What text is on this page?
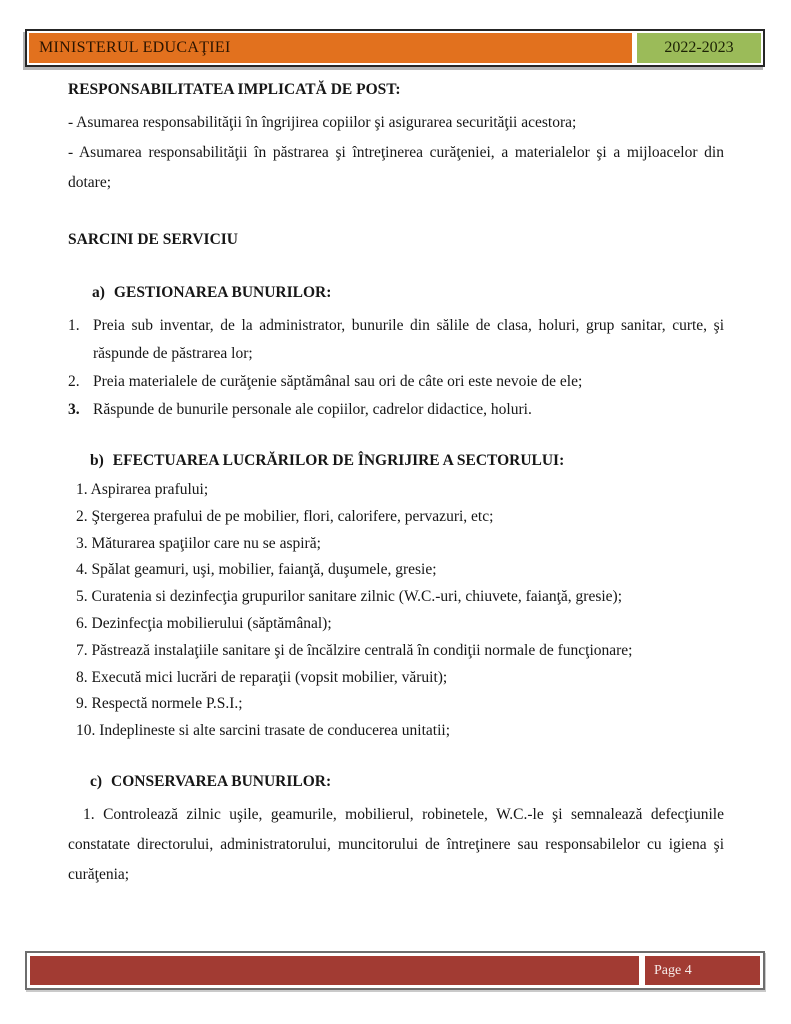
MINISTERUL EDUCAŢIEI	2022-2023
RESPONSABILITATEA IMPLICATĂ DE POST:
- Asumarea responsabilităţii în îngrijirea copiilor şi asigurarea securităţii acestora;
- Asumarea responsabilităţii în păstrarea şi întreţinerea curăţeniei, a materialelor şi a mijloacelor din dotare;
SARCINI DE SERVICIU
a) GESTIONAREA BUNURILOR:
1. Preia sub inventar, de la administrator, bunurile din sălile de clasa, holuri, grup sanitar, curte, şi răspunde de păstrarea lor;
2. Preia materialele de curăţenie săptămânal sau ori de câte ori este nevoie de ele;
3. Răspunde de bunurile personale ale copiilor, cadrelor didactice, holuri.
b) EFECTUAREA LUCRĂRILOR DE ÎNGRIJIRE A SECTORULUI:
1. Aspirarea prafului;
2. Ştergerea prafului de pe mobilier, flori, calorifere, pervazuri, etc;
3. Măturarea spaţiilor care nu se aspiră;
4. Spălat geamuri, uşi, mobilier, faianţă, duşumele, gresie;
5. Curatenia si dezinfecţia grupurilor sanitare zilnic (W.C.-uri, chiuvete, faianţă, gresie);
6. Dezinfecţia mobilierului (săptămânal);
7. Păstrează instalaţiile sanitare şi de încălzire centrală în condiţii normale de funcţionare;
8. Execută mici lucrări de reparaţii (vopsit mobilier, văruit);
9. Respectă normele P.S.I.;
10. Indeplineste si alte sarcini trasate de conducerea unitatii;
c) CONSERVAREA BUNURILOR:
1. Controlează zilnic uşile, geamurile, mobilierul, robinetele, W.C.-le şi semnalează defecţiunile constatate directorului, administratorului, muncitorului de întreţinere sau responsabilelor cu igiena şi curăţenia;
Page 4
